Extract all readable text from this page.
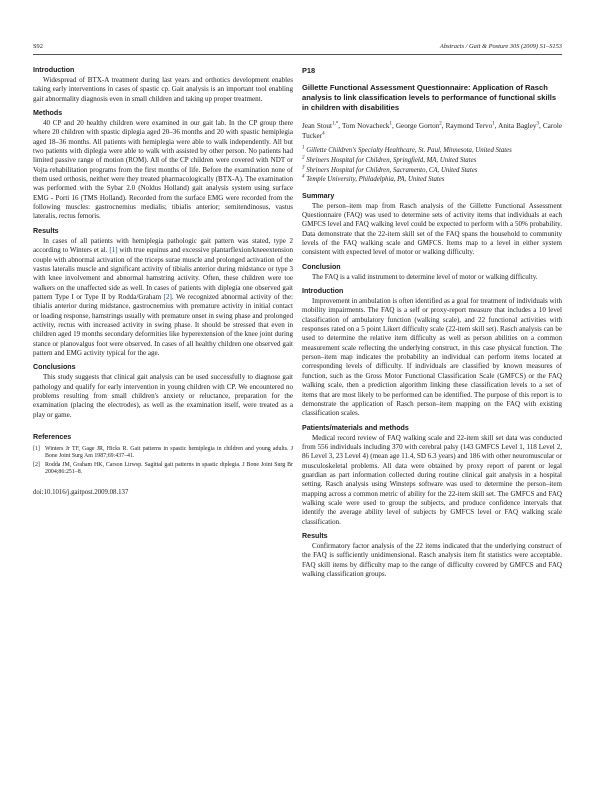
S92	Abstracts / Gait & Posture 30S (2009) S1–S153
Introduction

Widespread of BTX-A treatment during last years and orthotics development enables taking early interventions in cases of spastic cp. Gait analysis is an important tool enabling gait abnormality diagnosis even in small children and taking up proper treatment.

Methods

40 CP and 20 healthy children were examined in our gait lab. In the CP group there where 20 children with spastic diplegia aged 20–36 months and 20 with spastic hemiplegia aged 18–36 months. All patients with hemiplegia were able to walk independently. All but two patients with diplegia were able to walk with assisted by other person. No patients had limited passive range of motion (ROM). All of the CP children were covered with NDT or Vojta rehabilitation programs from the first months of life. Before the examination none of them used orthosis, neither were they treated pharmacologically (BTX-A). The examination was performed with the Sybar 2.0 (Noldus Holland) gait analysis system using surface EMG - Porti 16 (TMS Holland). Recorded from the surface EMG were recorded from the following muscles: gastrocnemius medialis; tibialis anterior; semitendinosus, vastus lateralis, rectus femoris.

Results

In cases of all patients with hemiplegia pathologic gait pattern was stated, type 2 according to Winters et al. [1] with true equinus and excessive plantarflexion/kneeextension couple with abnormal activation of the triceps surae muscle and prolonged activation of the vastus lateralis muscle and significant activity of tibialis anterior during midstance or type 3 with knee involvement and abnormal hamstring activity. Often, these children were toe walkers on the unaffected side as well. In cases of patients with diplegia one observed gait pattern Type I or Type II by Rodda/Graham [2]. We recognized abnormal activity of the: tibialis anterior during midstance, gastrocnemius with premature activity in initial contact or loading response, hamstrings usually with premature onset in swing phase and prolonged activity, rectus with increased activity in swing phase. It should be stressed that even in children aged 19 months secondary deformities like hyperextension of the knee joint during stance or planovalgus foot were observed. In cases of all healthy children one observed gait pattern and EMG activity typical for the age.

Conclusions

This study suggests that clinical gait analysis can be used successfully to diagnose gait pathology and qualify for early intervention in young children with CP. We encountered no problems resulting from small children's anxiety or reluctance, preparation for the examination (placing the electrodes), as well as the examination itself, were treated as a play or game.

References
[1] Winters Jr TF, Gage JR, Hicks R. Gait patterns in spastic hemiplegia in children and young adults. J Bone Joint Surg Am 1987;69:437–41.
[2] Rodda JM, Graham HK, Carson Lirwsp. Sagittal gait patterns in spastic diplegia. J Bone Joint Surg Br 2004;86:251–8.
doi:10.1016/j.gaitpost.2009.08.137
P18
Gillette Functional Assessment Questionnaire: Application of Rasch analysis to link classification levels to performance of functional skills in children with disabilities
Jean Stout$^{1,*}$, Tom Novacheck$^1$, George Gorton$^2$, Raymond Tervo$^1$, Anita Bagley$^3$, Carole Tucker$^4$
$^1$ Gillette Children's Specialty Healthcare, St. Paul, Minnesota, United States
$^2$ Shriners Hospital for Children, Springfield, MA, United States
$^3$ Shriners Hospital for Children, Sacramento, CA, United States
$^4$ Temple University, Philadelphia, PA, United States
Summary

The person–item map from Rasch analysis of the Gillette Functional Assessment Questionnaire (FAQ) was used to determine sets of activity items that individuals at each GMFCS level and FAQ walking level could be expected to perform with a 50% probability. Data demonstrate that the 22-item skill set of the FAQ spans the household to community levels of the FAQ walking scale and GMFCS. Items map to a level in either system consistent with expected level of motor or walking difficulty.

Conclusion

The FAQ is a valid instrument to determine level of motor or walking difficulty.

Introduction

Improvement in ambulation is often identified as a goal for treatment of individuals with mobility impairments. The FAQ is a self or proxy-report measure that includes a 10 level classification of ambulatory function (walking scale), and 22 functional activities with responses rated on a 5 point Likert difficulty scale (22-item skill set). Rasch analysis can be used to determine the relative item difficulty as well as person abilities on a common measurement scale reflecting the underlying construct, in this case physical function. The person–item map indicates the probability an individual can perform items located at corresponding levels of difficulty. If individuals are classified by known measures of function, such as the Gross Motor Functional Classification Scale (GMFCS) or the FAQ walking scale, then a prediction algorithm linking these classification levels to a set of items that are most likely to be performed can be identified. The purpose of this report is to demonstrate the application of Rasch person–item mapping on the FAQ with existing classification scales.

Patients/materials and methods

Medical record review of FAQ walking scale and 22-item skill set data was conducted from 556 individuals including 370 with cerebral palsy (143 GMFCS Level 1, 118 Level 2, 86 Level 3, 23 Level 4) (mean age 11.4, SD 6.3 years) and 186 with other neuromuscular or musculoskeletal problems. All data were obtained by proxy report of parent or legal guardian as part information collected during routine clinical gait analysis in a hospital setting. Rasch analysis using Winsteps software was used to determine the person–item mapping across a common metric of ability for the 22-item skill set. The GMFCS and FAQ walking scale were used to group the subjects, and produce confidence intervals that identify the average ability level of subjects by GMFCS level or FAQ walking scale classification.

Results

Confirmatory factor analysis of the 22 items indicated that the underlying construct of the FAQ is sufficiently unidimensional. Rasch analysis item fit statistics were acceptable. FAQ skill items by difficulty map to the range of difficulty covered by GMFCS and FAQ walking classification groups.
